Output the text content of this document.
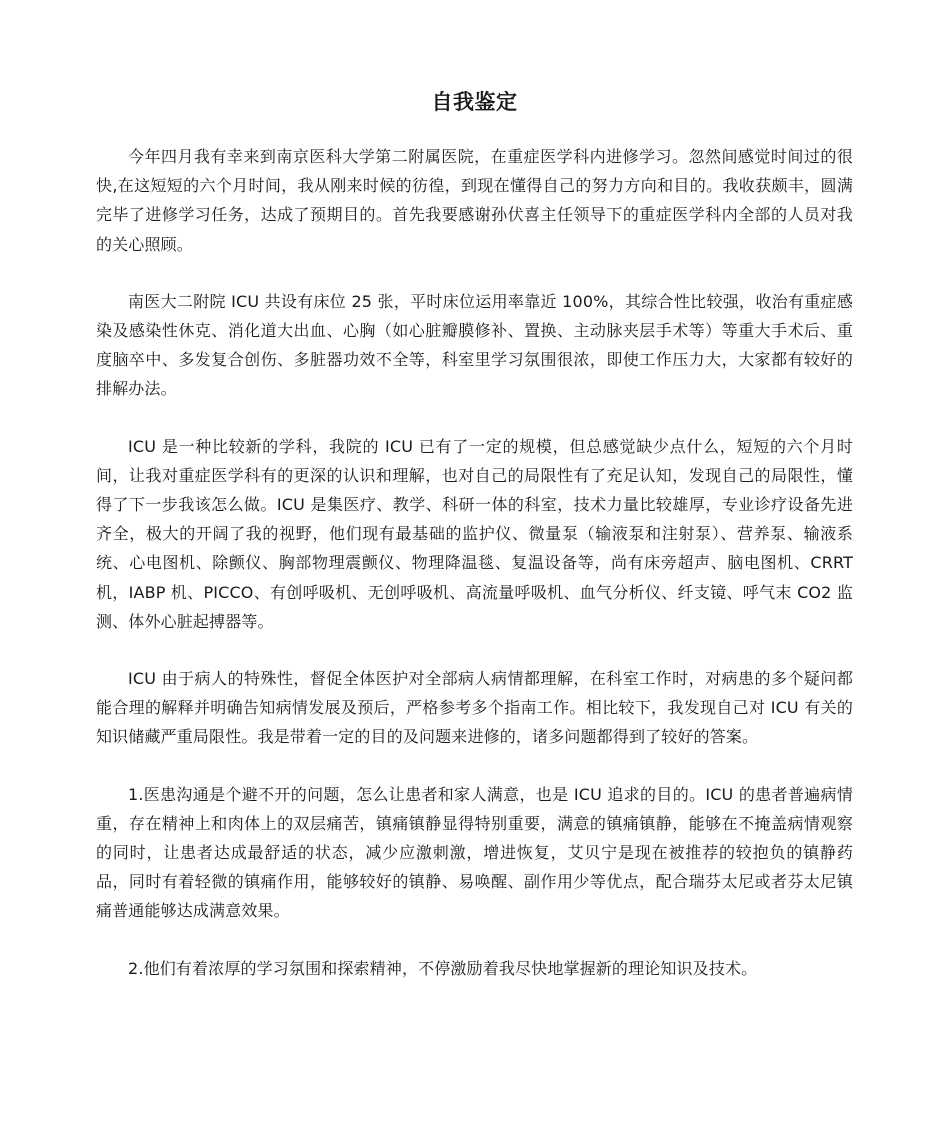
自我鉴定

今年四月我有幸来到南京医科大学第二附属医院，在重症医学科内进修学习。忽然间感觉时间过的很快,在这短短的六个月时间，我从刚来时候的彷徨，到现在懂得自己的努力方向和目的。我收获颇丰，圆满完毕了进修学习任务，达成了预期目的。首先我要感谢孙伏喜主任领导下的重症医学科内全部的人员对我的关心照顾。

南医大二附院 ICU 共设有床位 25 张，平时床位运用率靠近 100%，其综合性比较强，收治有重症感染及感染性休克、消化道大出血、心胸（如心脏瓣膜修补、置换、主动脉夹层手术等）等重大手术后、重度脑卒中、多发复合创伤、多脏器功效不全等，科室里学习氛围很浓，即使工作压力大，大家都有较好的排解办法。

ICU 是一种比较新的学科，我院的 ICU 已有了一定的规模，但总感觉缺少点什么，短短的六个月时间，让我对重症医学科有的更深的认识和理解，也对自己的局限性有了充足认知，发现自己的局限性，懂得了下一步我该怎么做。ICU 是集医疗、教学、科研一体的科室，技术力量比较雄厚，专业诊疗设备先进齐全，极大的开阔了我的视野，他们现有最基础的监护仪、微量泵（输液泵和注射泵）、营养泵、输液系统、心电图机、除颤仪、胸部物理震颤仪、物理降温毯、复温设备等，尚有床旁超声、脑电图机、CRRT 机，IABP 机、PICCO、有创呼吸机、无创呼吸机、高流量呼吸机、血气分析仪、纤支镜、呼气末 CO2 监测、体外心脏起搏器等。

ICU 由于病人的特殊性，督促全体医护对全部病人病情都理解，在科室工作时，对病患的多个疑问都能合理的解释并明确告知病情发展及预后，严格参考多个指南工作。相比较下，我发现自己对 ICU 有关的知识储藏严重局限性。我是带着一定的目的及问题来进修的，诸多问题都得到了较好的答案。

1.医患沟通是个避不开的问题，怎么让患者和家人满意，也是 ICU 追求的目的。ICU 的患者普遍病情重，存在精神上和肉体上的双层痛苦，镇痛镇静显得特别重要，满意的镇痛镇静，能够在不掩盖病情观察的同时，让患者达成最舒适的状态，减少应激刺激，增进恢复，艾贝宁是现在被推荐的较抱负的镇静药品，同时有着轻微的镇痛作用，能够较好的镇静、易唤醒、副作用少等优点，配合瑞芬太尼或者芬太尼镇痛普通能够达成满意效果。

2.他们有着浓厚的学习氛围和探索精神，不停激励着我尽快地掌握新的理论知识及技术。
